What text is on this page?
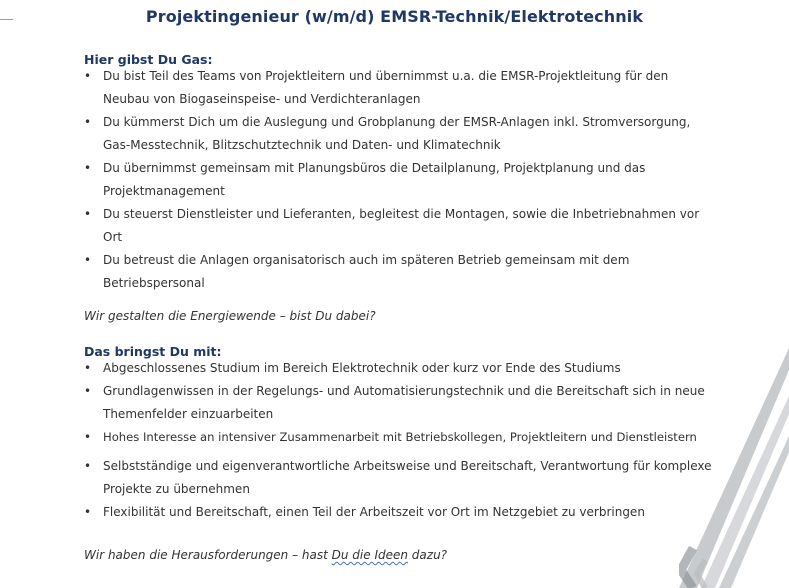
Projektingenieur (w/m/d) EMSR-Technik/Elektrotechnik
Hier gibst Du Gas:
• Du bist Teil des Teams von Projektleitern und übernimmst u.a. die EMSR-Projektleitung für den
Neubau von Biogaseinspeise- und Verdichteranlagen
• Du kümmerst Dich um die Auslegung und Grobplanung der EMSR-Anlagen inkl. Stromversorgung,
Gas-Messtechnik, Blitzschutztechnik und Daten- und Klimatechnik
• Du übernimmst gemeinsam mit Planungsbüros die Detailplanung, Projektplanung und das
Projektmanagement
• Du steuerst Dienstleister und Lieferanten, begleitest die Montagen, sowie die Inbetriebnahmen vor
Ort
• Du betreust die Anlagen organisatorisch auch im späteren Betrieb gemeinsam mit dem
Betriebspersonal
Wir gestalten die Energiewende – bist Du dabei?
Das bringst Du mit:
• Abgeschlossenes Studium im Bereich Elektrotechnik oder kurz vor Ende des Studiums
• Grundlagenwissen in der Regelungs- und Automatisierungstechnik und die Bereitschaft sich in neue
Themenfelder einzuarbeiten
• Hohes Interesse an intensiver Zusammenarbeit mit Betriebskollegen, Projektleitern und Dienstleistern
• Selbstständige und eigenverantwortliche Arbeitsweise und Bereitschaft, Verantwortung für komplexe
Projekte zu übernehmen
• Flexibilität und Bereitschaft, einen Teil der Arbeitszeit vor Ort im Netzgebiet zu verbringen
Wir haben die Herausforderungen – hast Du die Ideen dazu?
